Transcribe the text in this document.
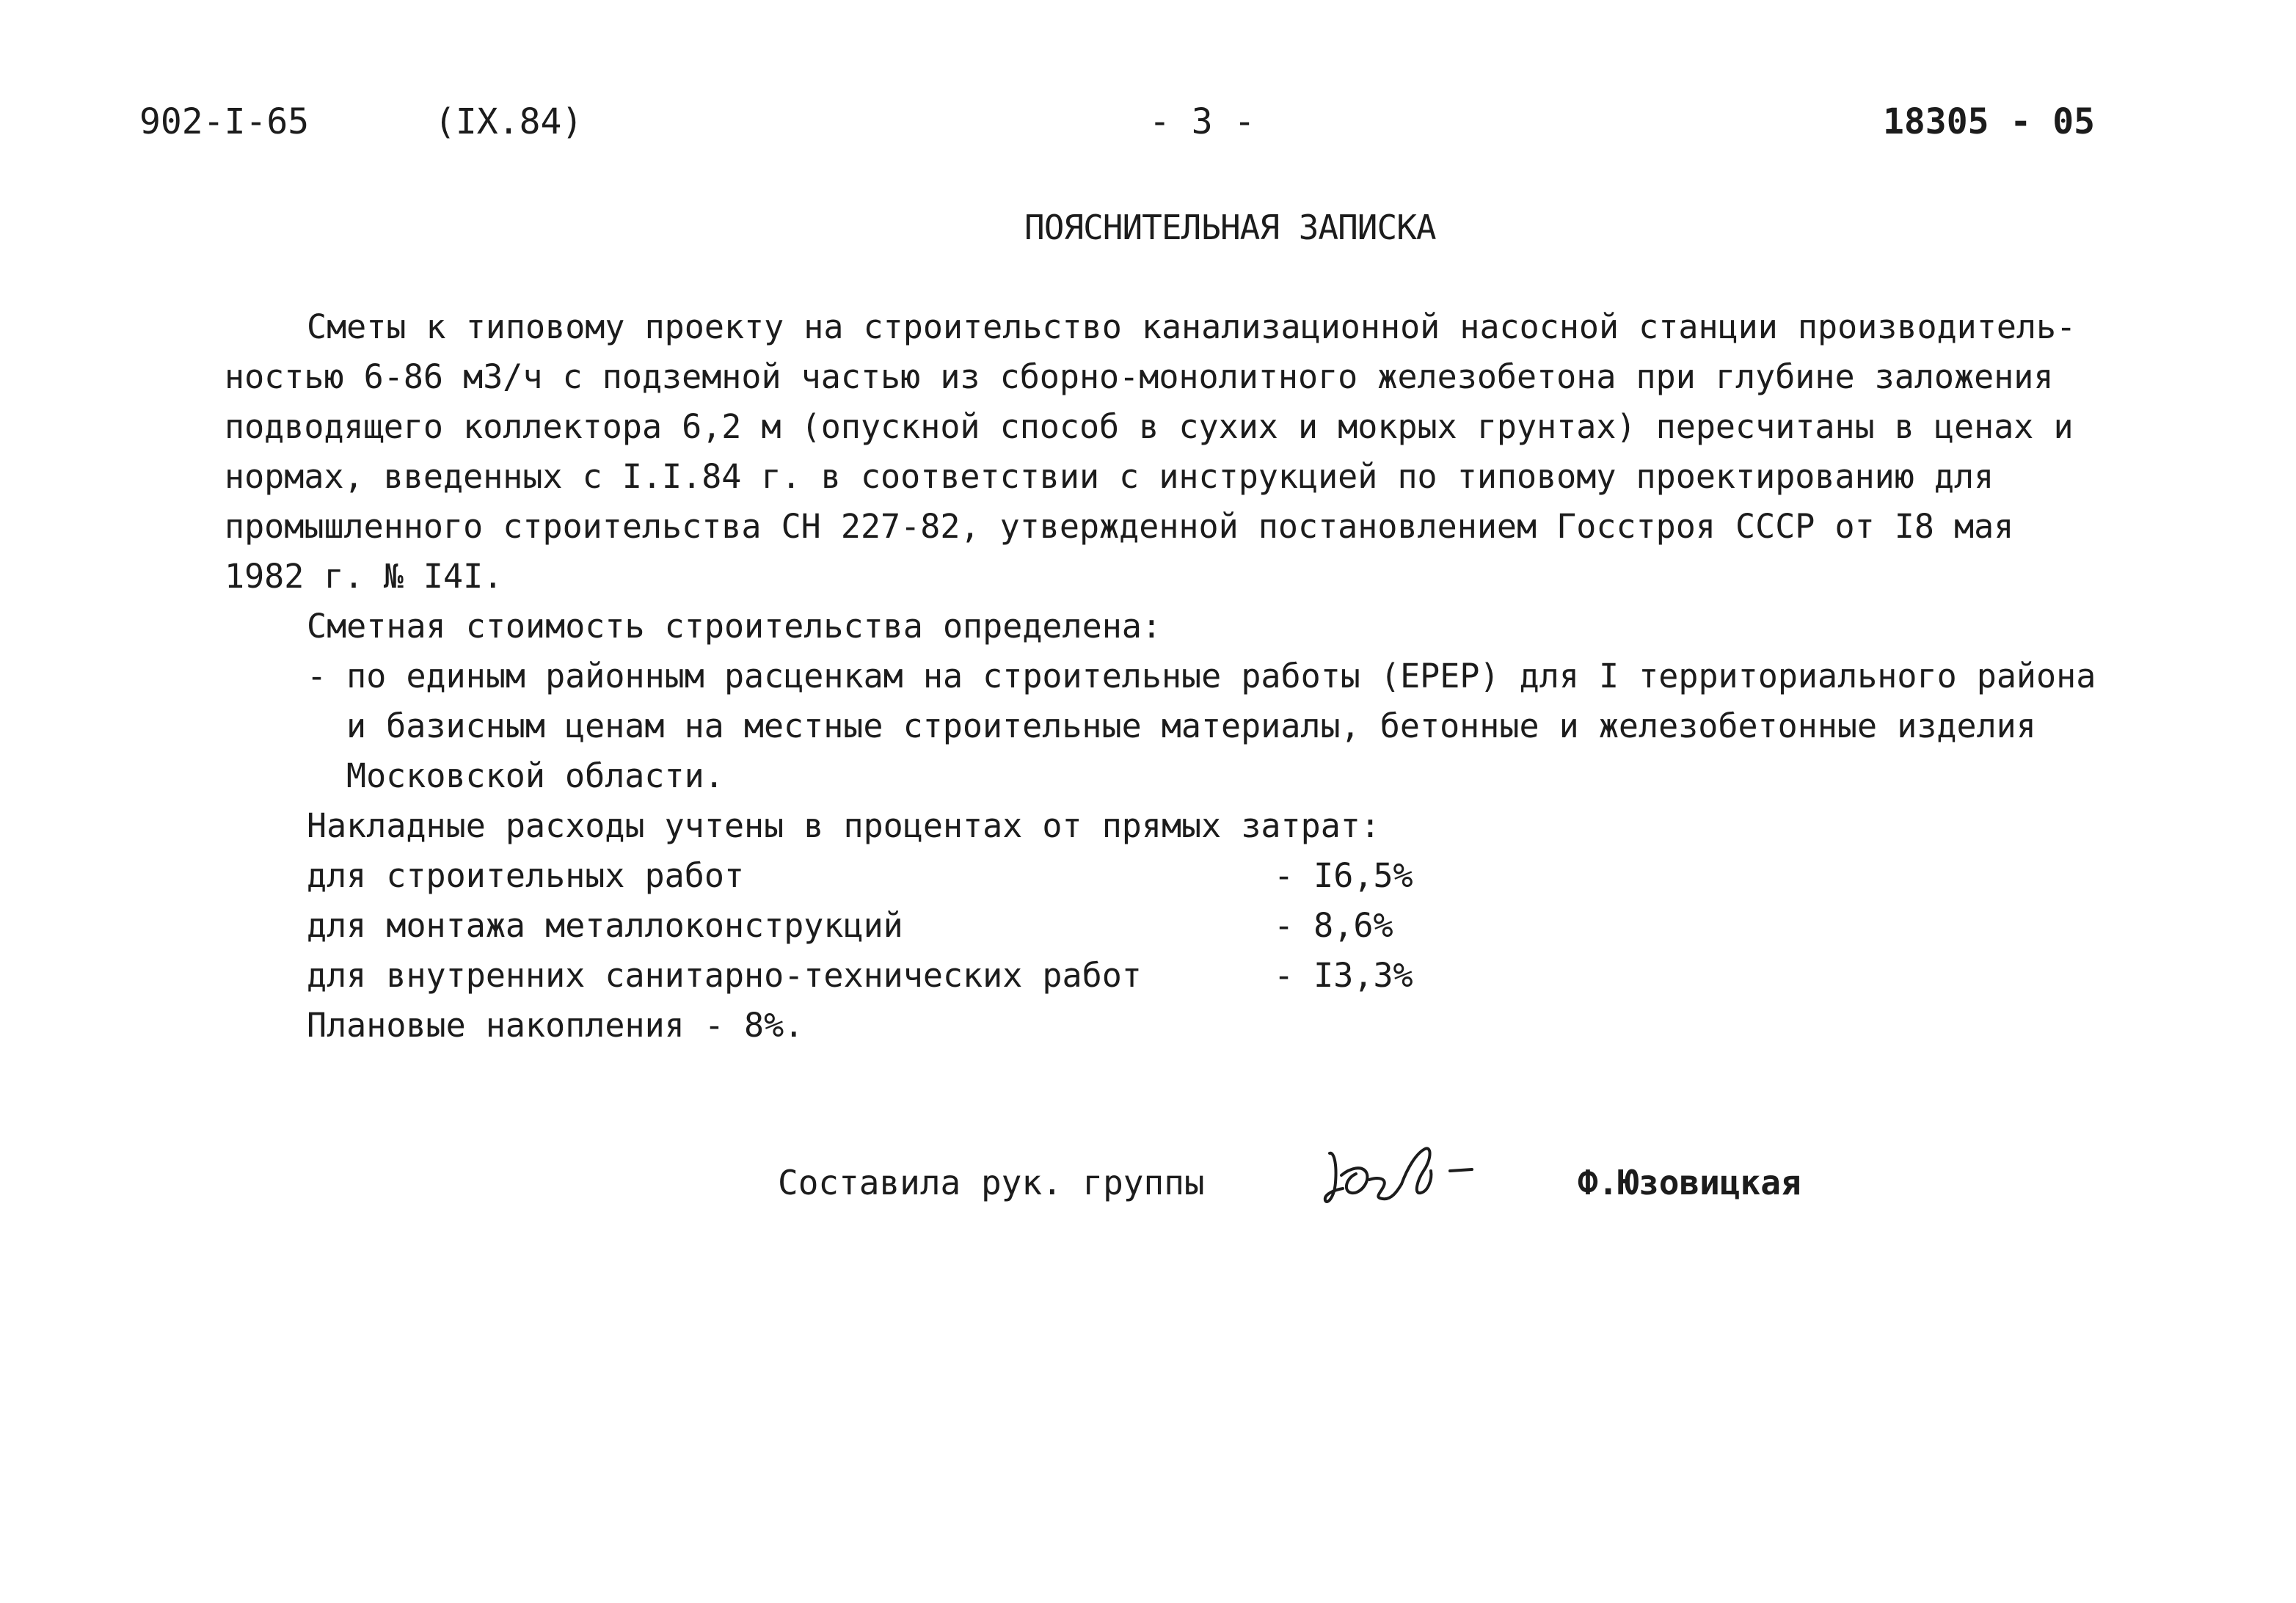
902-I-65	(IX.84)	- 3 -	18305 - 05
ПОЯСНИТЕЛЬНАЯ ЗАПИСКА
Сметы к типовому проекту на строительство канализационной насосной станции производитель-
ностью 6-86 м3/ч с подземной частью из сборно-монолитного железобетона при глубине заложения
подводящего коллектора 6,2 м (опускной способ в сухих и мокрых грунтах) пересчитаны в ценах и
нормах, введенных с I.I.84 г. в соответствии с инструкцией по типовому проектированию для
промышленного строительства СН 227-82, утвержденной постановлением Госстроя СССР от I8 мая
1982 г. № I4I.
Сметная стоимость строительства определена:
- по единым районным расценкам на строительные работы (ЕРЕР) для I территориального района
и базисным ценам на местные строительные материалы, бетонные и железобетонные изделия
Московской области.
Накладные расходы учтены в процентах от прямых затрат:
для строительных работ	- I6,5%
для монтажа металлоконструкций	- 8,6%
для внутренних санитарно-технических работ	- I3,3%
Плановые накопления - 8%.
Составила рук. группы	Ф.Юзовицкая
